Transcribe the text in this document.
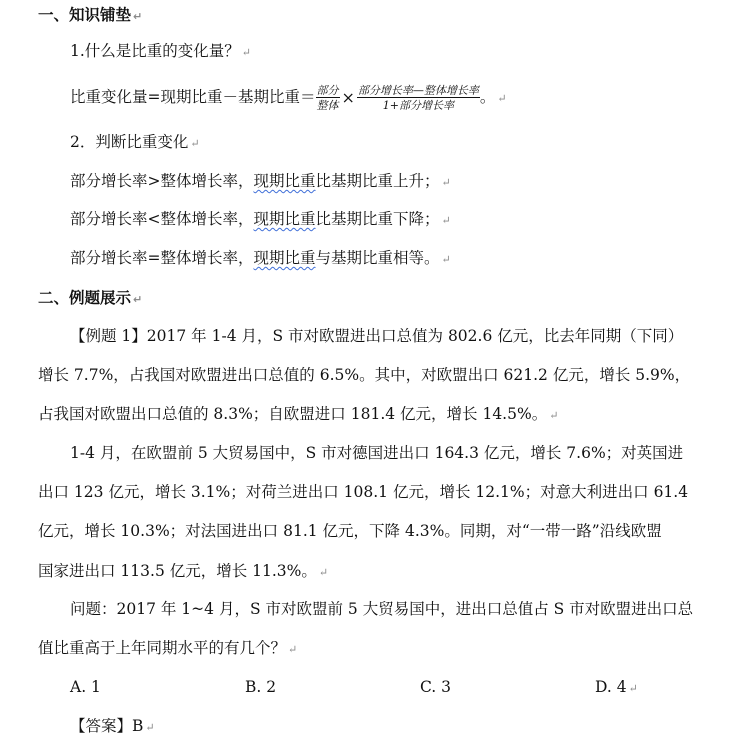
一、知识铺垫 ↵
1.什么是比重的变化量？ ↵
比重变化量=现期比重－基期比重＝ $\frac{\text{部分}}{\text{整体}} \times \frac{\text{部分增长率—整体增长率}}{\text{1+部分增长率}}$ 。 ↵
2．判断比重变化 ↵
部分增长率>整体增长率，现期比重比基期比重上升； ↵
部分增长率<整体增长率，现期比重比基期比重下降； ↵
部分增长率=整体增长率，现期比重与基期比重相等。 ↵
二、例题展示 ↵
【例题 1】2017 年 1-4 月，S 市对欧盟进出口总值为 802.6 亿元，比去年同期（下同）
增长 7.7%，占我国对欧盟进出口总值的 6.5%。其中，对欧盟出口 621.2 亿元，增长 5.9%，
占我国对欧盟出口总值的 8.3%；自欧盟进口 181.4 亿元，增长 14.5%。 ↵
1-4 月，在欧盟前 5 大贸易国中，S 市对德国进出口 164.3 亿元，增长 7.6%；对英国进
出口 123 亿元，增长 3.1%；对荷兰进出口 108.1 亿元，增长 12.1%；对意大利进出口 61.4
亿元，增长 10.3%；对法国进出口 81.1 亿元，下降 4.3%。同期，对“一带一路”沿线欧盟
国家进出口 113.5 亿元，增长 11.3%。 ↵
问题：2017 年 1~4 月，S 市对欧盟前 5 大贸易国中，进出口总值占 S 市对欧盟进出口总
值比重高于上年同期水平的有几个？ ↵
A. 1	B. 2	C. 3	D. 4 ↵
【答案】B ↵
